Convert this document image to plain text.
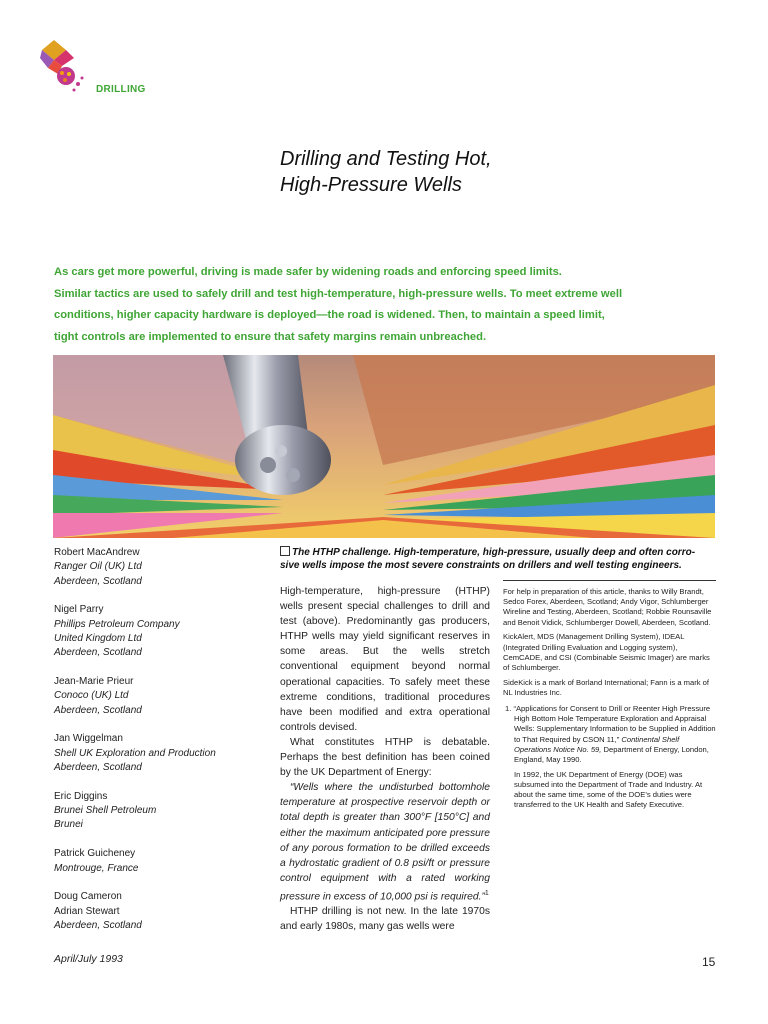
DRILLING
Drilling and Testing Hot,
High-Pressure Wells
As cars get more powerful, driving is made safer by widening roads and enforcing speed limits.
Similar tactics are used to safely drill and test high-temperature, high-pressure wells. To meet extreme well
conditions, higher capacity hardware is deployed—the road is widened. Then, to maintain a speed limit,
tight controls are implemented to ensure that safety margins remain unbreached.
Robert MacAndrew
Ranger Oil (UK) Ltd
Aberdeen, Scotland
Nigel Parry
Phillips Petroleum Company
United Kingdom Ltd
Aberdeen, Scotland
Jean-Marie Prieur
Conoco (UK) Ltd
Aberdeen, Scotland
Jan Wiggelman
Shell UK Exploration and Production
Aberdeen, Scotland
Eric Diggins
Brunei Shell Petroleum
Brunei
Patrick Guicheney
Montrouge, France
Doug Cameron
Adrian Stewart
Aberdeen, Scotland
The HTHP challenge. High-temperature, high-pressure, usually deep and often corro-
sive wells impose the most severe constraints on drillers and well testing engineers.

High-temperature, high-pressure (HTHP) wells present special challenges to drill and test (above). Predominantly gas producers, HTHP wells may yield significant reserves in some areas. But the wells stretch conventional equipment beyond normal operational capacities. To safely meet these extreme conditions, traditional procedures have been modified and extra operational controls devised.

What constitutes HTHP is debatable. Perhaps the best definition has been coined by the UK Department of Energy:

“Wells where the undisturbed bottomhole temperature at prospective reservoir depth or total depth is greater than 300°F [150°C] and either the maximum anticipated pore pressure of any porous formation to be drilled exceeds a hydrostatic gradient of 0.8 psi/ft or pressure control equipment with a rated working pressure in excess of 10,000 psi is required.”$^1$

HTHP drilling is not new. In the late 1970s and early 1980s, many gas wells were

For help in preparation of this article, thanks to Willy Brandt, Sedco Forex, Aberdeen, Scotland; Andy Vigor, Schlumberger Wireline and Testing, Aberdeen, Scotland; Robbie Rounsaville and Benoit Vidick, Schlumberger Dowell, Aberdeen, Scotland.

KickAlert, MDS (Management Drilling System), IDEAL (Integrated Drilling Evaluation and Logging system), CemCADE, and CSI (Combinable Seismic Imager) are marks of Schlumberger.

SideKick is a mark of Borland International; Fann is a mark of NL Industries Inc.

1. “Applications for Consent to Drill or Reenter High Pressure High Bottom Hole Temperature Exploration and Appraisal Wells: Supplementary Information to be Supplied in Addition to That Required by CSON 11,” Continental Shelf Operations Notice No. 59, Department of Energy, London, England, May 1990.

In 1992, the UK Department of Energy (DOE) was subsumed into the Department of Trade and Industry. At about the same time, some of the DOE’s duties were transferred to the UK Health and Safety Executive.

April/July 1993	15
